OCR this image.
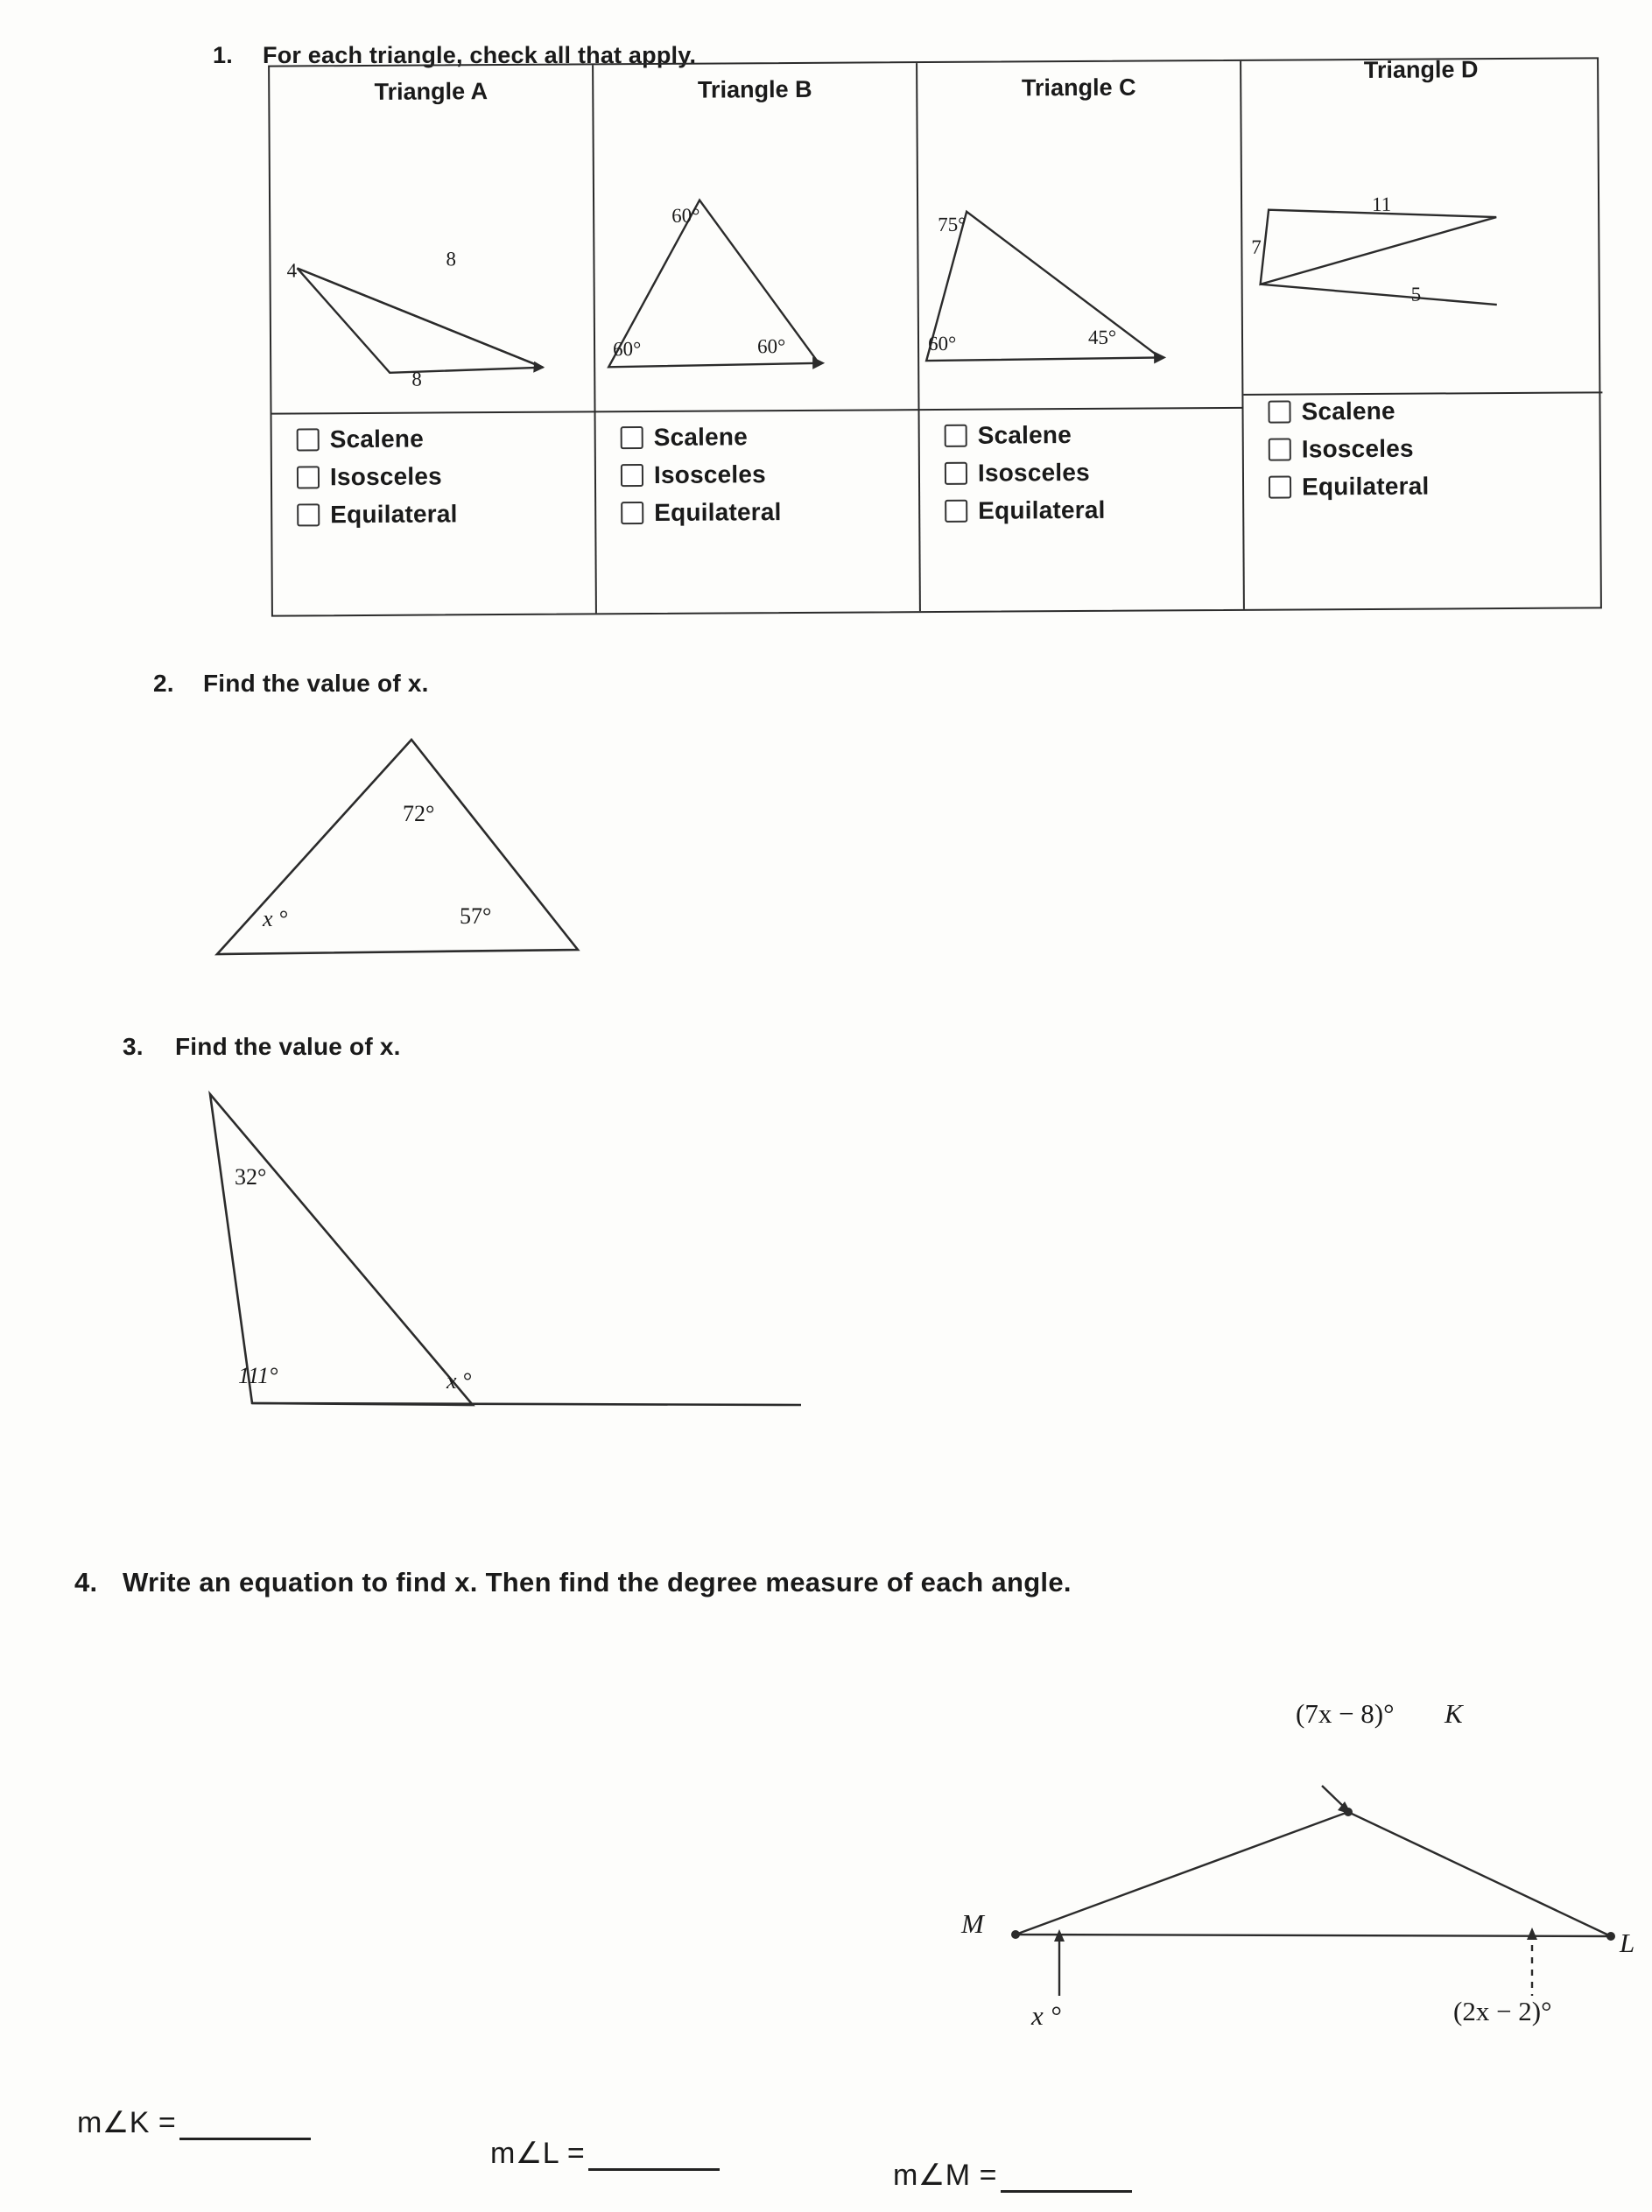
1. For each triangle, check all that apply.
Triangle A
4
8
8
Scalene
Isosceles
Equilateral
Triangle B
60°
60°	60°
Scalene
Isosceles
Equilateral
Triangle C
75°
60°	45°
Scalene
Isosceles
Equilateral
Triangle D
11
7
5
Scalene
Isosceles
Equilateral
2. Find the value of x.
72°
x °	57°
3. Find the value of x.
32°
111°	x °
4. Write an equation to find x. Then find the degree measure of each angle.
(7x − 8)° K
M
L
x °	(2x − 2)°
m∠K =
m∠L =
m∠M =
